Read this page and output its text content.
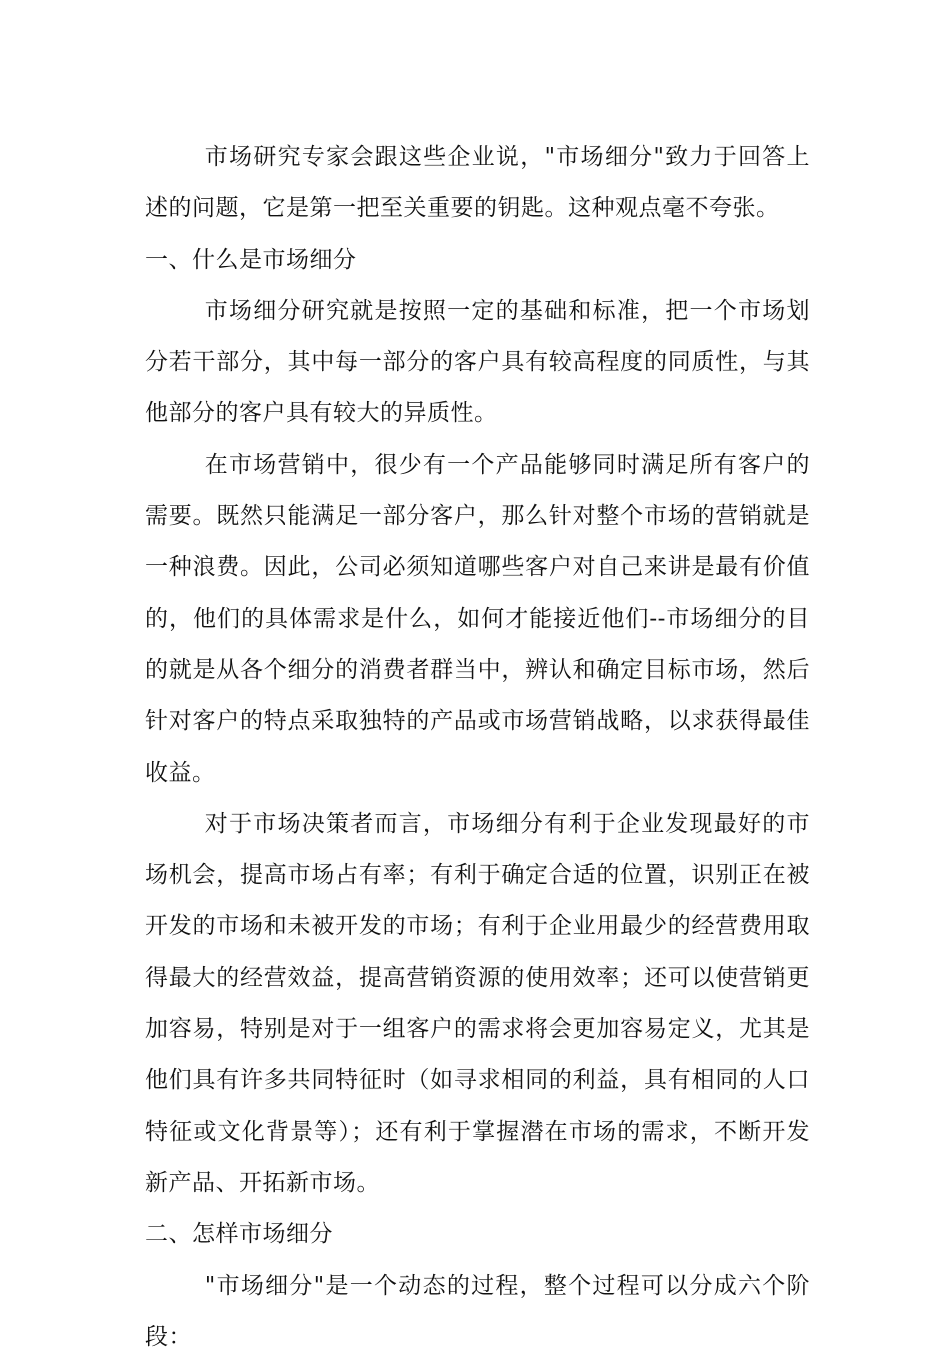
市场研究专家会跟这些企业说，"市场细分"致力于回答上述的问题，它是第一把至关重要的钥匙。这种观点毫不夸张。

一、什么是市场细分

市场细分研究就是按照一定的基础和标准，把一个市场划分若干部分，其中每一部分的客户具有较高程度的同质性，与其他部分的客户具有较大的异质性。

在市场营销中，很少有一个产品能够同时满足所有客户的需要。既然只能满足一部分客户，那么针对整个市场的营销就是一种浪费。因此，公司必须知道哪些客户对自己来讲是最有价值的，他们的具体需求是什么，如何才能接近他们--市场细分的目的就是从各个细分的消费者群当中，辨认和确定目标市场，然后针对客户的特点采取独特的产品或市场营销战略，以求获得最佳收益。

对于市场决策者而言，市场细分有利于企业发现最好的市场机会，提高市场占有率；有利于确定合适的位置，识别正在被开发的市场和未被开发的市场；有利于企业用最少的经营费用取得最大的经营效益，提高营销资源的使用效率；还可以使营销更加容易，特别是对于一组客户的需求将会更加容易定义，尤其是他们具有许多共同特征时（如寻求相同的利益，具有相同的人口特征或文化背景等）；还有利于掌握潜在市场的需求，不断开发新产品、开拓新市场。

二、怎样市场细分

"市场细分"是一个动态的过程，整个过程可以分成六个阶段：
